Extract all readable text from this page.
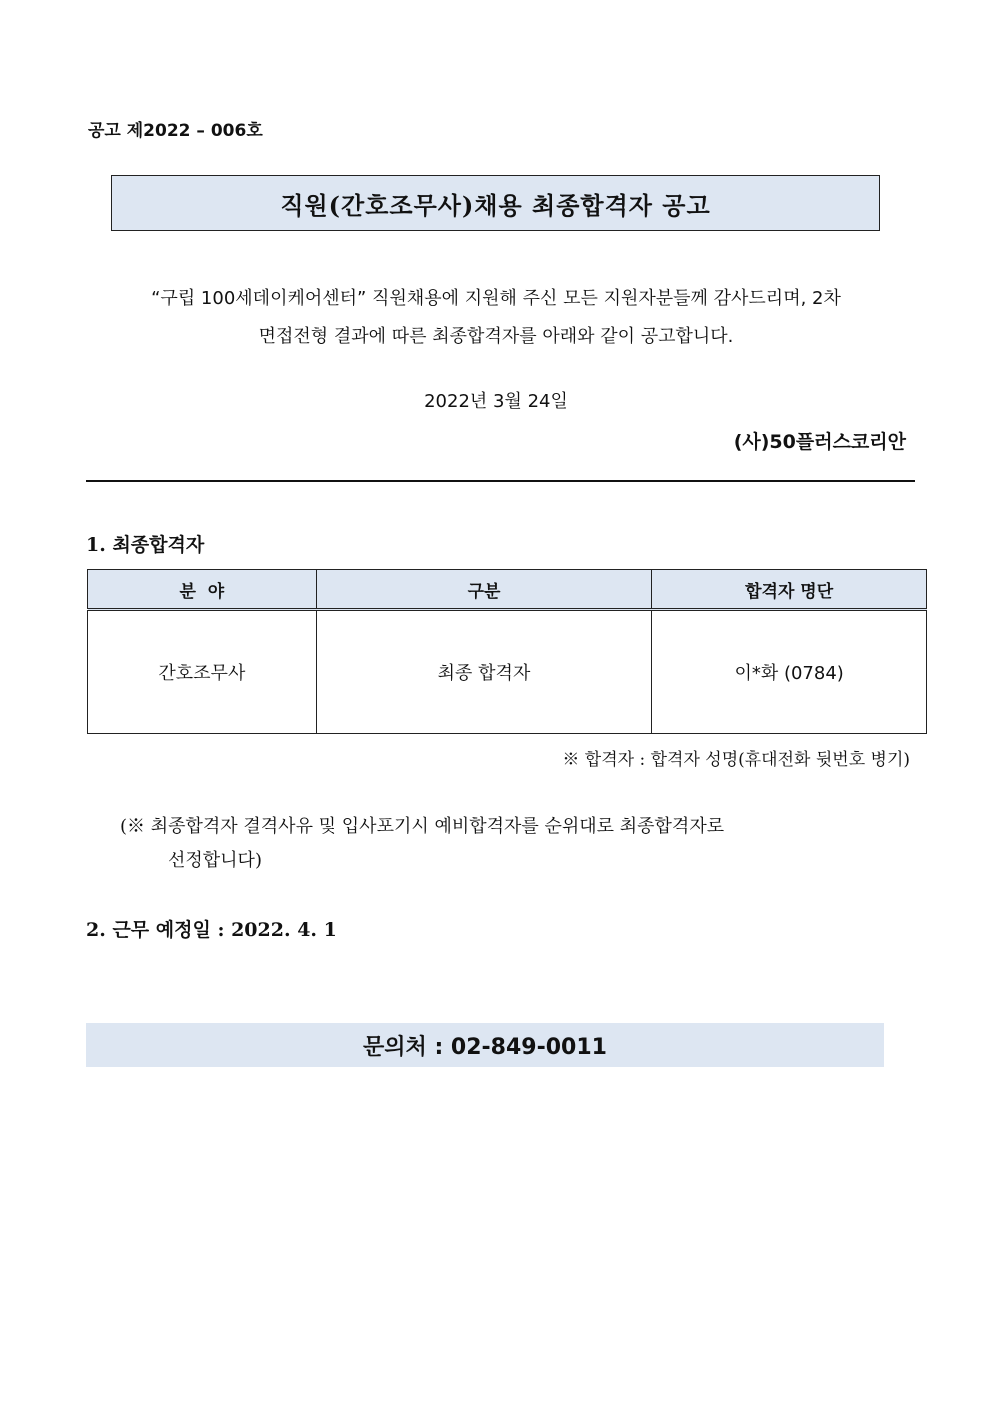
공고 제2022 – 006호
직원(간호조무사)채용 최종합격자 공고
“구립 100세데이케어센터” 직원채용에 지원해 주신 모든 지원자분들께 감사드리며, 2차
면접전형 결과에 따른 최종합격자를 아래와 같이 공고합니다.
2022년 3월 24일
(사)50플러스코리안
1. 최종합격자
분  야	구분	합격자 명단
간호조무사	최종 합격자	이*화 (0784)
※ 합격자 : 합격자 성명(휴대전화 뒷번호 병기)
(※ 최종합격자 결격사유 및 입사포기시 예비합격자를 순위대로 최종합격자로
선정합니다)
2. 근무 예정일 : 2022. 4. 1
문의처 : 02-849-0011
